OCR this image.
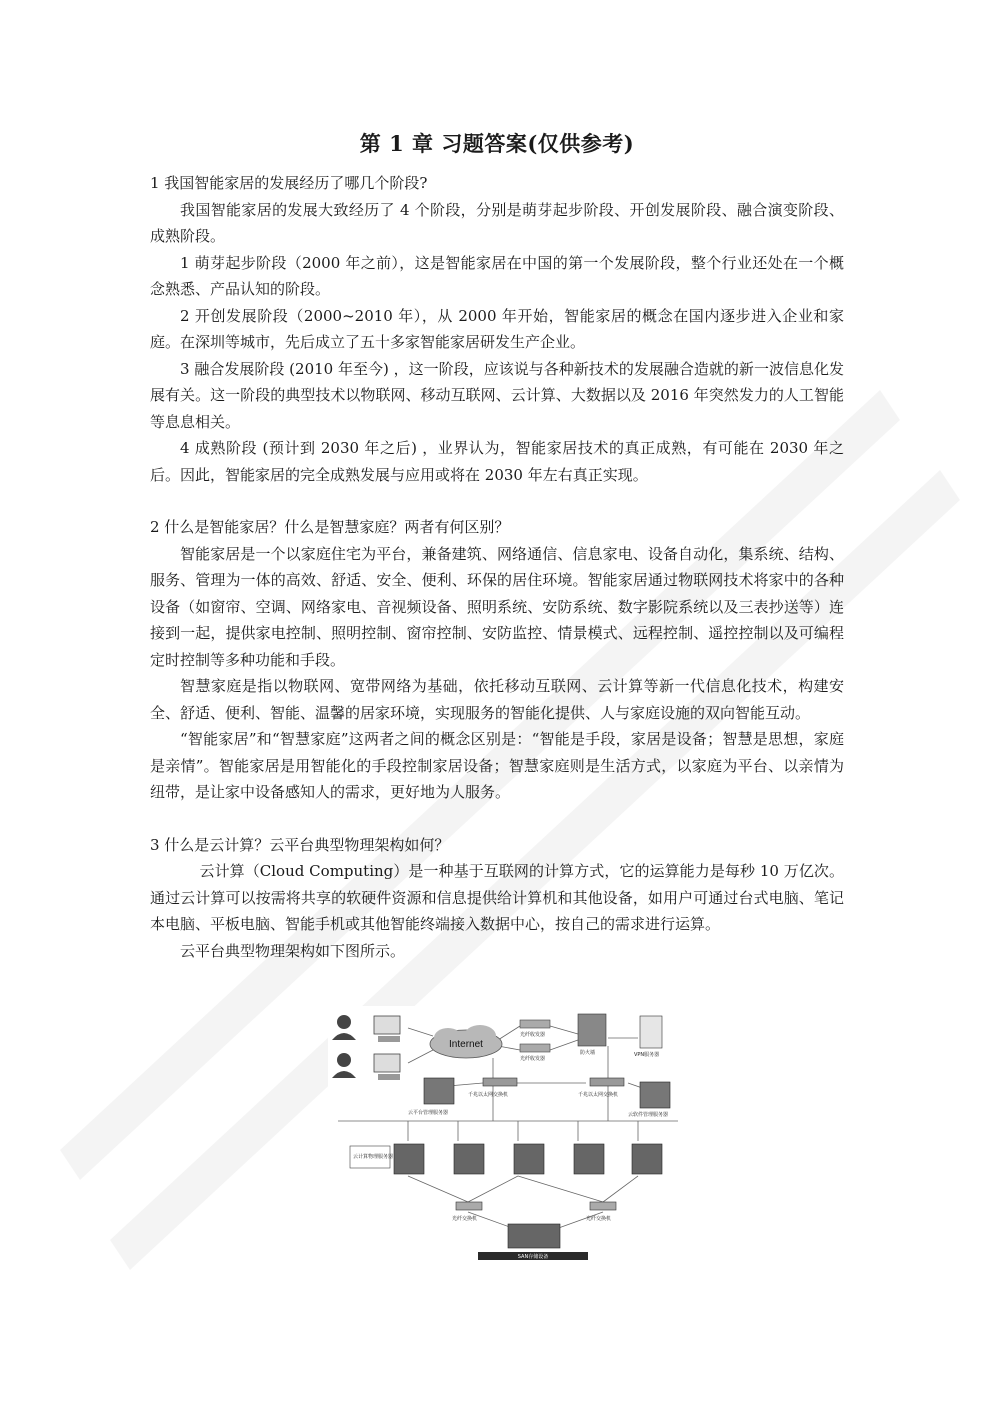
第 1 章 习题答案(仅供参考)

1 我国智能家居的发展经历了哪几个阶段?

我国智能家居的发展大致经历了 4 个阶段，分别是萌芽起步阶段、开创发展阶段、融合演变阶段、成熟阶段。

1 萌芽起步阶段（2000 年之前），这是智能家居在中国的第一个发展阶段，整个行业还处在一个概念熟悉、产品认知的阶段。

2 开创发展阶段（2000~2010 年），从 2000 年开始，智能家居的概念在国内逐步进入企业和家庭。在深圳等城市，先后成立了五十多家智能家居研发生产企业。

3 融合发展阶段 (2010 年至今) ，这一阶段，应该说与各种新技术的发展融合造就的新一波信息化发展有关。这一阶段的典型技术以物联网、移动互联网、云计算、大数据以及 2016 年突然发力的人工智能等息息相关。

4 成熟阶段 (预计到 2030 年之后) ，业界认为，智能家居技术的真正成熟，有可能在 2030 年之后。因此，智能家居的完全成熟发展与应用或将在 2030 年左右真正实现。

2 什么是智能家居？什么是智慧家庭？两者有何区别？

智能家居是一个以家庭住宅为平台，兼备建筑、网络通信、信息家电、设备自动化，集系统、结构、服务、管理为一体的高效、舒适、安全、便利、环保的居住环境。智能家居通过物联网技术将家中的各种设备（如窗帘、空调、网络家电、音视频设备、照明系统、安防系统、数字影院系统以及三表抄送等）连接到一起，提供家电控制、照明控制、窗帘控制、安防监控、情景模式、远程控制、遥控控制以及可编程定时控制等多种功能和手段。

智慧家庭是指以物联网、宽带网络为基础，依托移动互联网、云计算等新一代信息化技术，构建安全、舒适、便利、智能、温馨的居家环境，实现服务的智能化提供、人与家庭设施的双向智能互动。

“智能家居”和“智慧家庭”这两者之间的概念区别是：“智能是手段，家居是设备；智慧是思想，家庭是亲情”。智能家居是用智能化的手段控制家居设备；智慧家庭则是生活方式，以家庭为平台、以亲情为纽带，是让家中设备感知人的需求，更好地为人服务。

3 什么是云计算？云平台典型物理架构如何？

云计算（Cloud Computing）是一种基于互联网的计算方式，它的运算能力是每秒 10 万亿次。通过云计算可以按需将共享的软硬件资源和信息提供给计算机和其他设备，如用户可通过台式电脑、笔记本电脑、平板电脑、智能手机或其他智能终端接入数据中心，按自己的需求进行运算。

云平台典型物理架构如下图所示。

Internet
光纤收发器
光纤收发器
防火墙	VPN服务器
千兆以太网交换机	千兆以太网交换机
云平台管理服务器	云软件管理服务器
云计算物理服务器
光纤交换机	光纤交换机
SAN存储设备
